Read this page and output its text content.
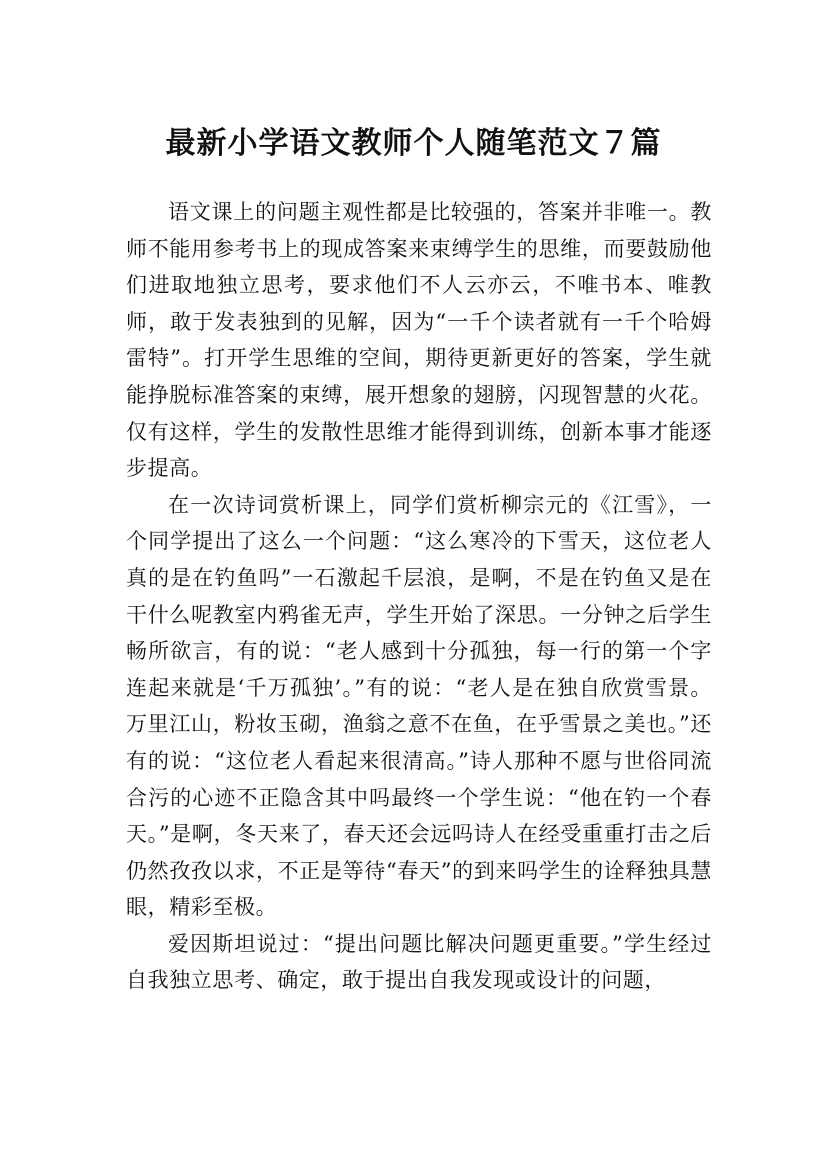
最新小学语文教师个人随笔范文７篇

语文课上的问题主观性都是比较强的，答案并非唯一。教师不能用参考书上的现成答案来束缚学生的思维，而要鼓励他们进取地独立思考，要求他们不人云亦云，不唯书本、唯教师，敢于发表独到的见解，因为“一千个读者就有一千个哈姆雷特”。打开学生思维的空间，期待更新更好的答案，学生就能挣脱标准答案的束缚，展开想象的翅膀，闪现智慧的火花。仅有这样，学生的发散性思维才能得到训练，创新本事才能逐步提高。

在一次诗词赏析课上，同学们赏析柳宗元的《江雪》，一个同学提出了这么一个问题：“这么寒冷的下雪天，这位老人真的是在钓鱼吗”一石激起千层浪，是啊，不是在钓鱼又是在干什么呢教室内鸦雀无声，学生开始了深思。一分钟之后学生畅所欲言，有的说：“老人感到十分孤独，每一行的第一个字连起来就是‘千万孤独’。”有的说：“老人是在独自欣赏雪景。万里江山，粉妆玉砌，渔翁之意不在鱼，在乎雪景之美也。”还有的说：“这位老人看起来很清高。”诗人那种不愿与世俗同流合污的心迹不正隐含其中吗最终一个学生说：“他在钓一个春天。”是啊，冬天来了，春天还会远吗诗人在经受重重打击之后仍然孜孜以求，不正是等待“春天”的到来吗学生的诠释独具慧眼，精彩至极。

爱因斯坦说过：“提出问题比解决问题更重要。”学生经过自我独立思考、确定，敢于提出自我发现或设计的问题，
